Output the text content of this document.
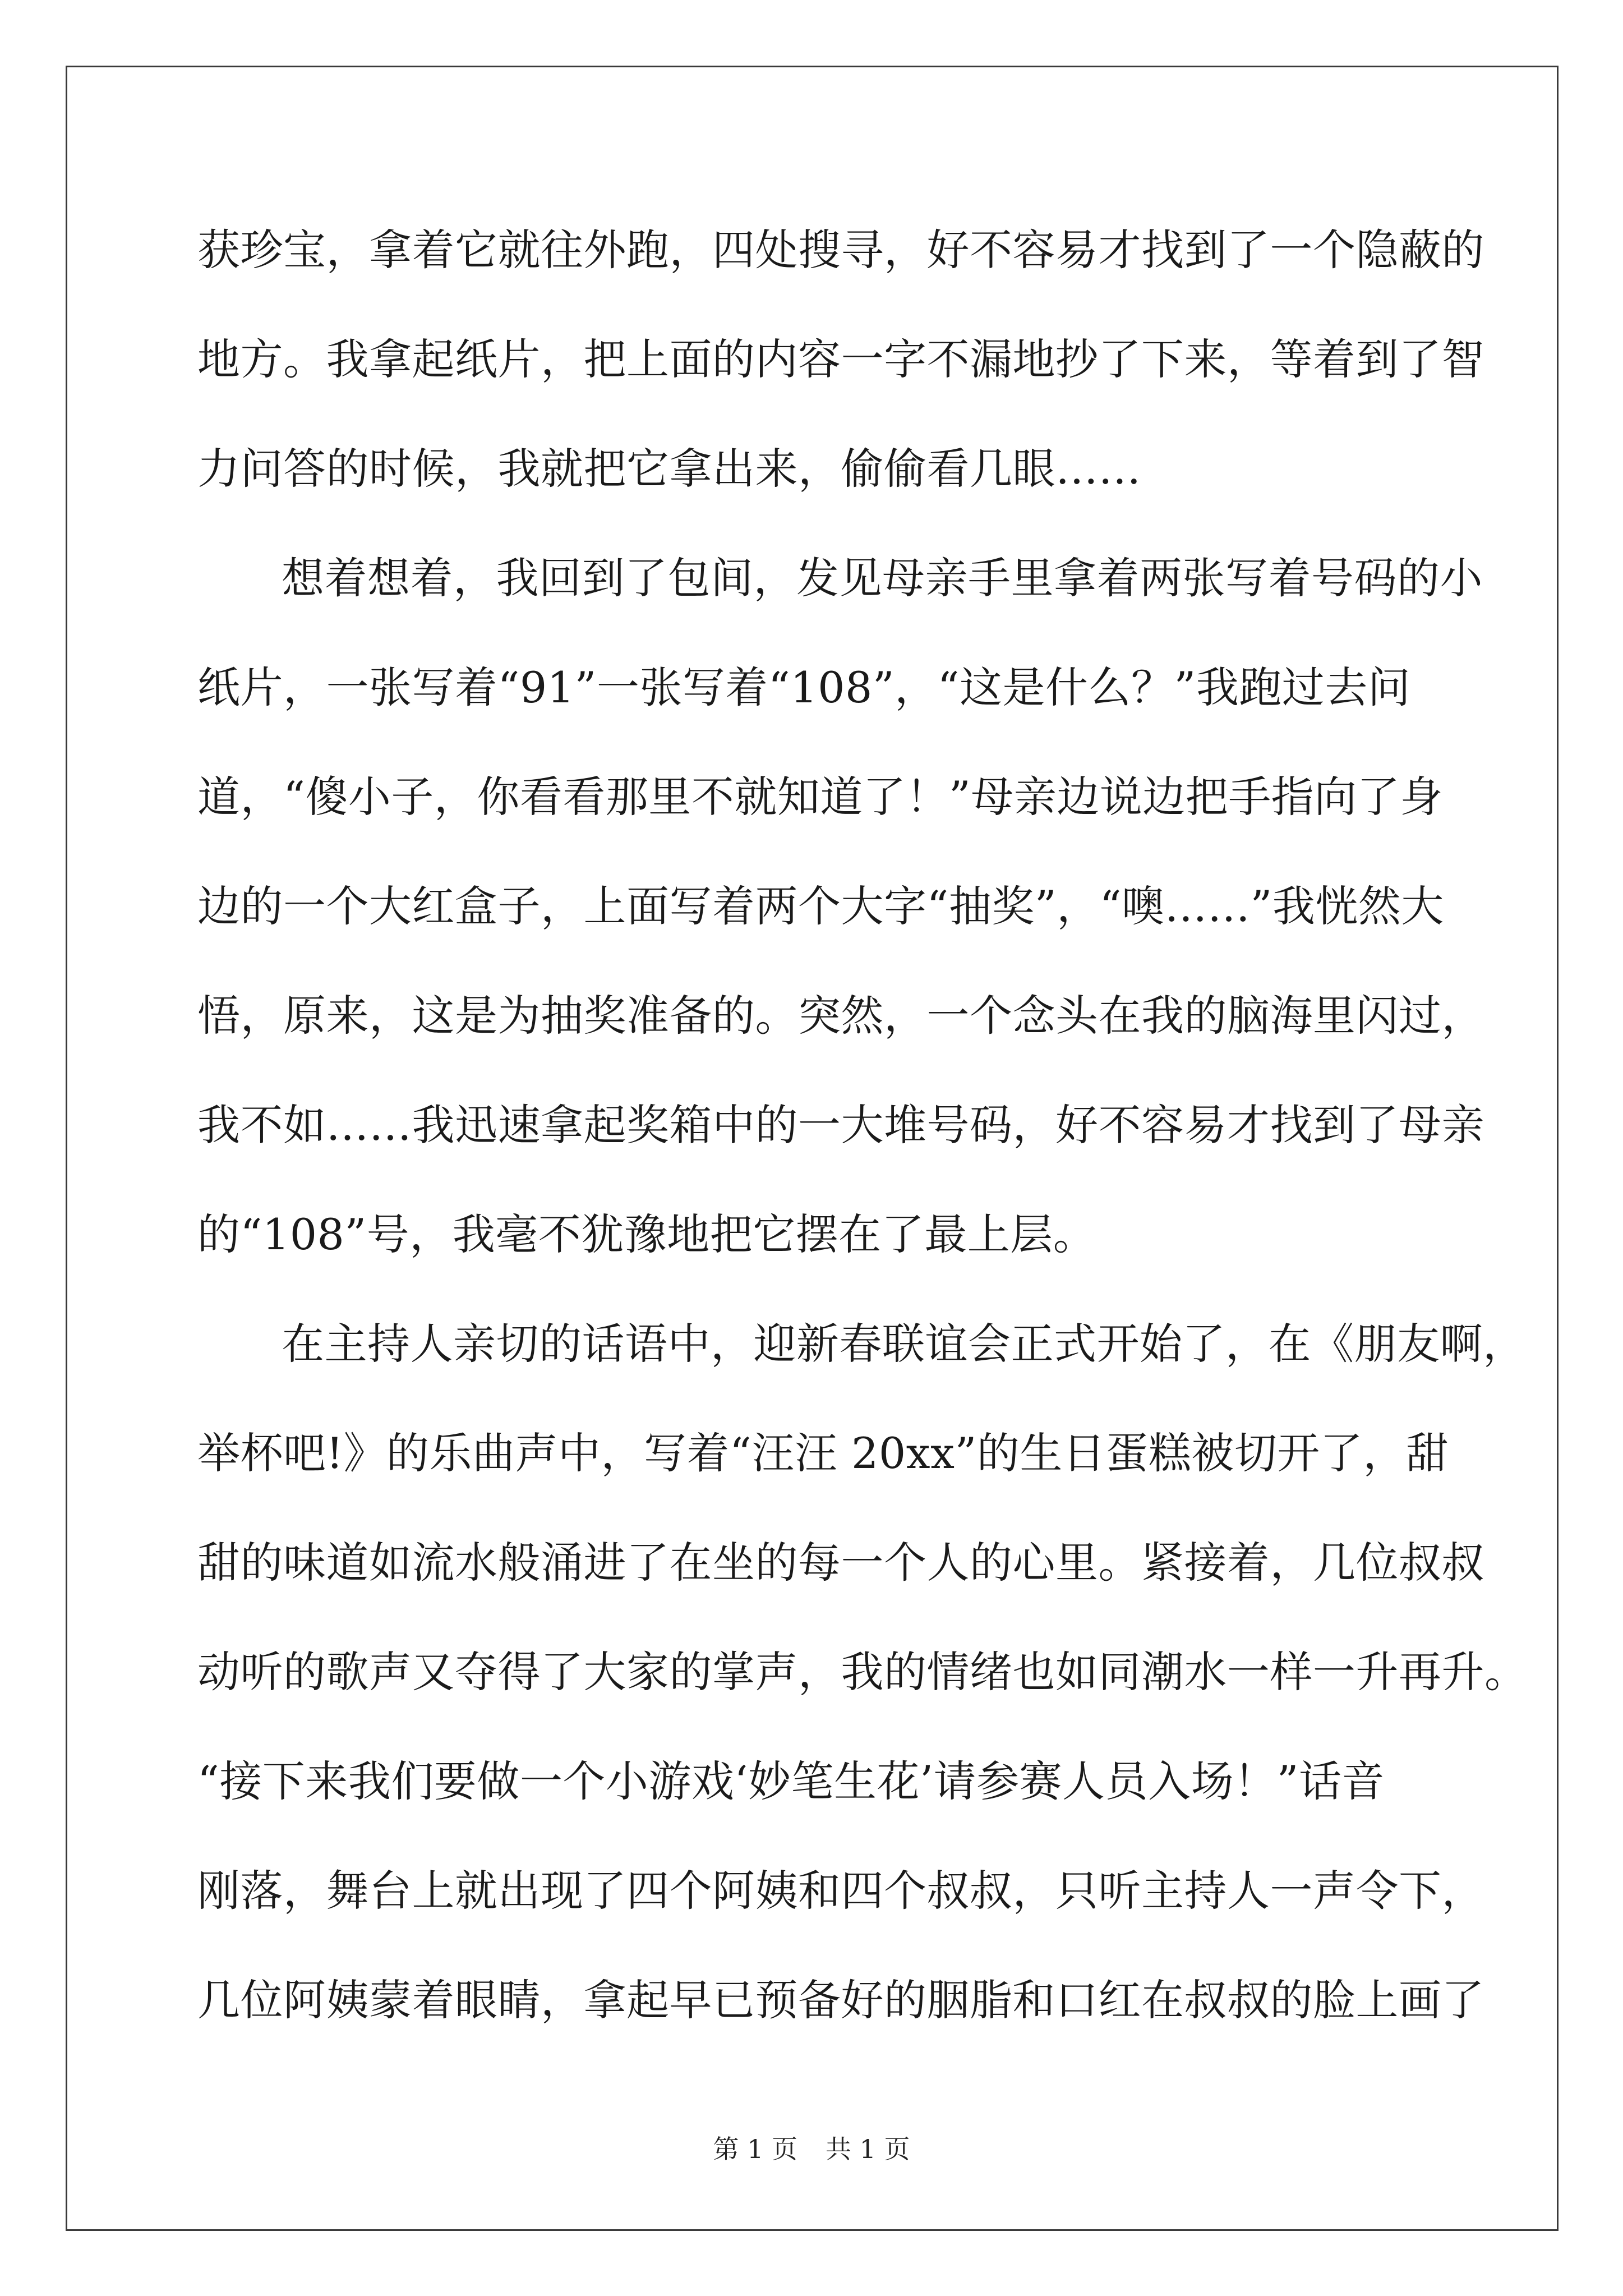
获珍宝，拿着它就往外跑，四处搜寻，好不容易才找到了一个隐蔽的
地方。我拿起纸片，把上面的内容一字不漏地抄了下来，等着到了智
力问答的时候，我就把它拿出来，偷偷看几眼……
想着想着，我回到了包间，发见母亲手里拿着两张写着号码的小
纸片，一张写着“91”一张写着“108”，“这是什么？”我跑过去问
道，“傻小子，你看看那里不就知道了！”母亲边说边把手指向了身
边的一个大红盒子，上面写着两个大字“抽奖”，“噢……”我恍然大
悟，原来，这是为抽奖准备的。突然，一个念头在我的脑海里闪过，
我不如……我迅速拿起奖箱中的一大堆号码，好不容易才找到了母亲
的“108”号，我毫不犹豫地把它摆在了最上层。
在主持人亲切的话语中，迎新春联谊会正式开始了，在《朋友啊，
举杯吧!》的乐曲声中，写着“汪汪 20xx”的生日蛋糕被切开了，甜
甜的味道如流水般涌进了在坐的每一个人的心里。紧接着，几位叔叔
动听的歌声又夺得了大家的掌声，我的情绪也如同潮水一样一升再升。
“接下来我们要做一个小游戏‘妙笔生花’请参赛人员入场！”话音
刚落，舞台上就出现了四个阿姨和四个叔叔，只听主持人一声令下，
几位阿姨蒙着眼睛，拿起早已预备好的胭脂和口红在叔叔的脸上画了
第 1 页 共 1 页
